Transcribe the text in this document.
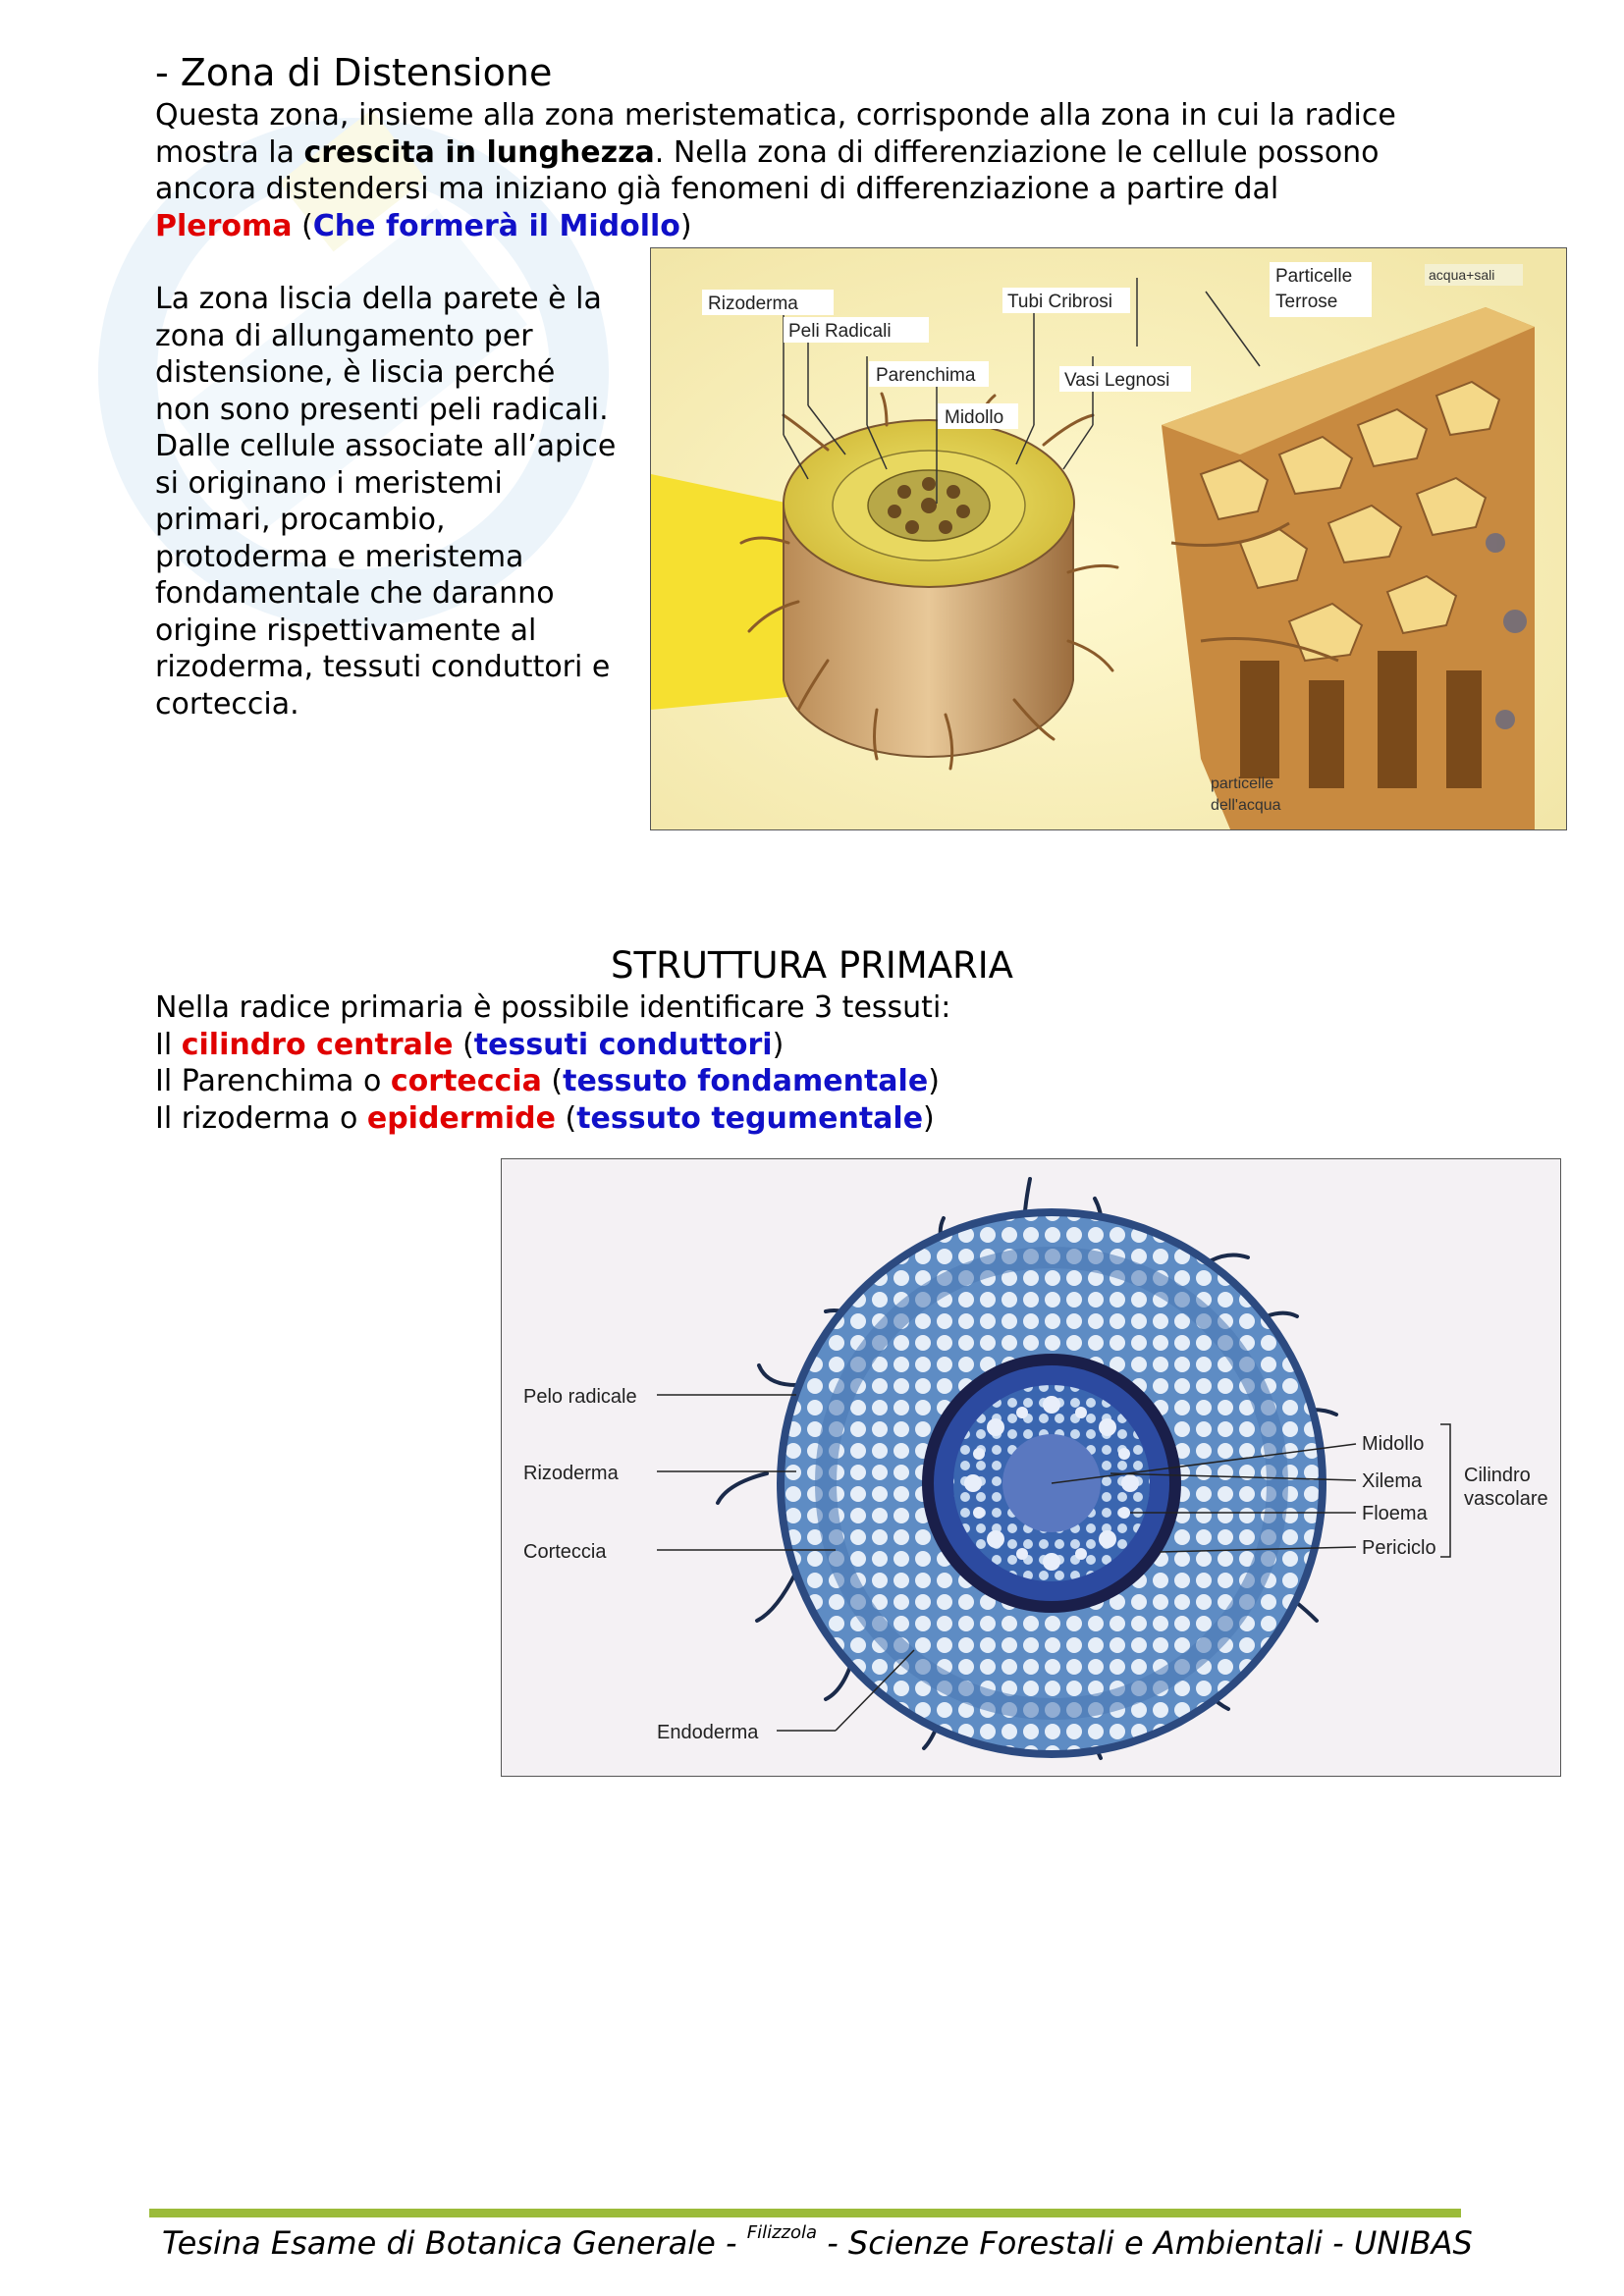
- Zona di Distensione
Questa zona, insieme alla zona meristematica, corrisponde alla zona in cui la radice
mostra la crescita in lunghezza. Nella zona di differenziazione le cellule possono
ancora distendersi ma iniziano già fenomeni di differenziazione a partire dal
Pleroma (Che formerà il Midollo)
La zona liscia della parete è la
zona di allungamento per
distensione, è liscia perché
non sono presenti peli radicali.
Dalle cellule associate all’apice
si originano i meristemi
primari, procambio,
protoderma e meristema
fondamentale che daranno
origine rispettivamente al
rizoderma, tessuti conduttori e
corteccia.
Rizoderma
Peli Radicali
Parenchima
Midollo
Tubi Cribrosi
Vasi Legnosi
Particelle
Terrose
acqua+sali
particelle
dell'acqua
STRUTTURA PRIMARIA
Nella radice primaria è possibile identificare 3 tessuti:
Il cilindro centrale (tessuti conduttori)
Il Parenchima o corteccia (tessuto fondamentale)
Il rizoderma o epidermide (tessuto tegumentale)
Pelo radicale
Rizoderma
Corteccia
Endoderma
Midollo
Xilema
Floema
Periciclo
Cilindro
vascolare
Tesina Esame di Botanica Generale - $^{Filizzola}$ - Scienze Forestali e Ambientali - UNIBAS
